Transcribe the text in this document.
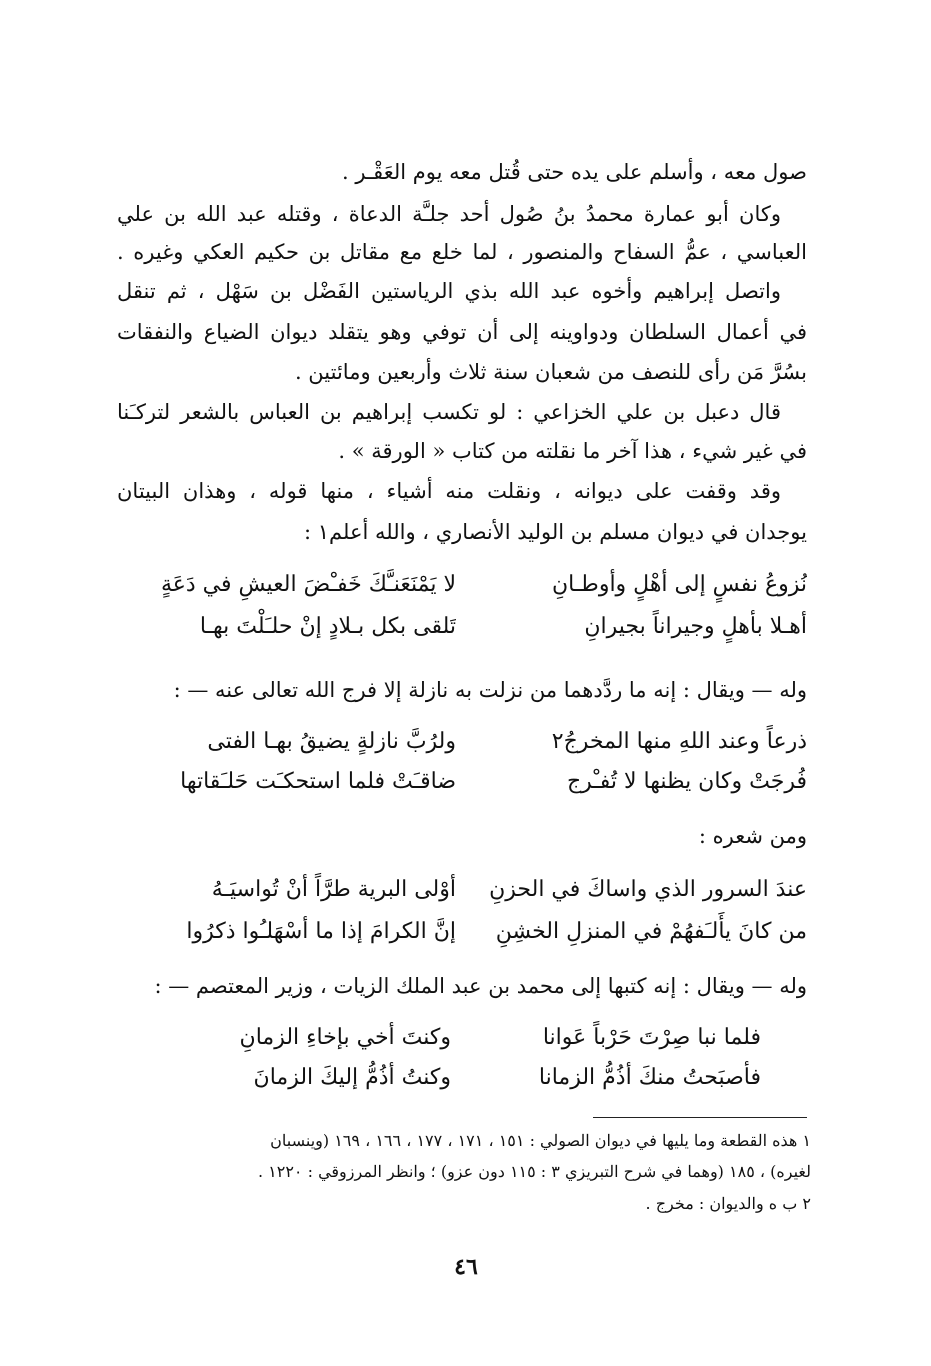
صول معه ، وأسلم على يده حتى قُتل معه يوم العَقْـر .
وكان أبو عمارة محمدُ بنُ صُول أحد جلـَّة الدعاة ، وقتله عبد الله بن علي
العباسي ، عمُّ السفاح والمنصور ، لما خلع مع مقاتل بن حكيم العكي وغيره .
واتصل إبراهيم وأخوه عبد الله بذي الرياستين الفَضْل بن سَهْل ، ثم تنقل
في أعمال السلطان ودواوينه إلى أن توفي وهو يتقلد ديوان الضياع والنفقات
بسُرَّ مَن رأى للنصف من شعبان سنة ثلاث وأربعين ومائتين .
قال دعبل بن علي الخزاعي : لو تكسب إبراهيم بن العباس بالشعر لتركـَنا
في غير شيء ، هذا آخر ما نقلته من كتاب « الورقة » .
وقد وقفت على ديوانه ، ونقلت منه أشياء ، منها قوله ، وهذان البيتان
يوجدان في ديوان مسلم بن الوليد الأنصاري ، والله أعلم١ :
لا يَمْنَعَنـَّكَ خَفـْضَ العيشِ في دَعَةٍ	نُزوعُ نفسٍ إلى أهْلٍ وأوطـانِ
تَلقى بكل بـلادٍ إنْ حلـَلْتَ بهـا	أهـلا بأهلٍ وجيراناً بجيرانِ
وله — ويقال : إنه ما ردَّدهما من نزلت به نازلة إلا فرج الله تعالى عنه — :
ولرُبَّ نازلةٍ يضيقُ بهـا الفتى	ذرعاً وعند اللهِ منها المخرجُ٢
ضاقـَتْ فلما استحكـَت حَلـَقاتها	فُرجَتْ وكان يظنها لا تُفـْرج
ومن شعره :
أوْلى البرية طرَّاً أنْ تُواسيَـهُ	عندَ السرور الذي واساكَ في الحزنِ
إنَّ الكرامَ إذا ما أسْهَلـُوا ذكرُوا	من كانَ يأَلـَفهُمْ في المنزلِ الخشِنِ
وله — ويقال : إنه كتبها إلى محمد بن عبد الملك الزيات ، وزير المعتصم — :
وكنتَ أخي بإخاءِ الزمانِ	فلما نبا صِرْتَ حَرْباً عَوانا
وكنتُ أذُمُّ إليكَ الزمانَ	فأصبَحتُ منكَ أذُمُّ الزمانا
١ هذه القطعة وما يليها في ديوان الصولي : ١٥١ ، ١٧١ ، ١٧٧ ، ١٦٦ ، ١٦٩ (وينسبان
لغيره) ، ١٨٥ (وهما في شرح التبريزي ٣ : ١١٥ دون عزو) ؛ وانظر المرزوقي : ١٢٢٠ .
٢ ب ه والديوان : مخرج .
٤٦
